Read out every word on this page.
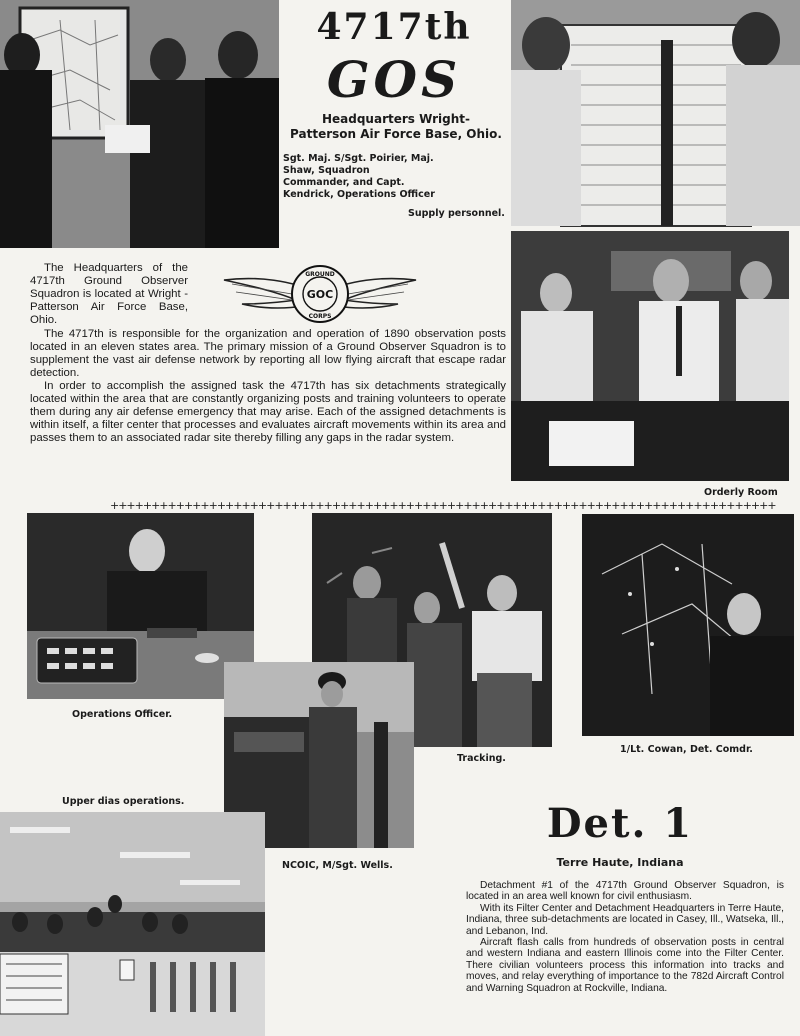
4717th
GOS
Headquarters Wright-Patterson Air Force Base, Ohio.
Sgt. Maj. S/Sgt. Poirier, Maj. Shaw, Squadron Commander, and Capt. Kendrick, Operations Officer
Supply personnel.
GROUND
GOC
CORPS

The Headquarters of the 4717th Ground Observer Squadron is located at Wright - Patterson Air Force Base, Ohio.

The 4717th is responsible for the organization and operation of 1890 observation posts located in an eleven states area. The primary mission of a Ground Observer Squadron is to supplement the vast air defense network by reporting all low flying aircraft that escape radar detection.

In order to accomplish the assigned task the 4717th has six detachments strategically located within the area that are constantly organizing posts and training volunteers to operate them during any air defense emergency that may arise. Each of the assigned detachments is within itself, a filter center that processes and evaluates aircraft movements within its area and passes them to an associated radar site thereby filling any gaps in the radar system.

Orderly Room
+++++++++++++++++++++++++++++++++++++++++++++++++++++++++++++++++++++++++++++++++
Operations Officer.
Tracking.
1/Lt. Cowan, Det. Comdr.
NCOIC, M/Sgt. Wells.
Upper dias operations.	Det. 1
Terre Haute, Indiana

Detachment #1 of the 4717th Ground Observer Squadron, is located in an area well known for civil enthusiasm.

With its Filter Center and Detachment Headquarters in Terre Haute, Indiana, three sub-detachments are located in Casey, Ill., Watseka, Ill., and Lebanon, Ind.

Aircraft flash calls from hundreds of observation posts in central and western Indiana and eastern Illinois come into the Filter Center. There civilian volunteers process this information into tracks and moves, and relay everything of importance to the 782d Aircraft Control and Warning Squadron at Rockville, Indiana.
